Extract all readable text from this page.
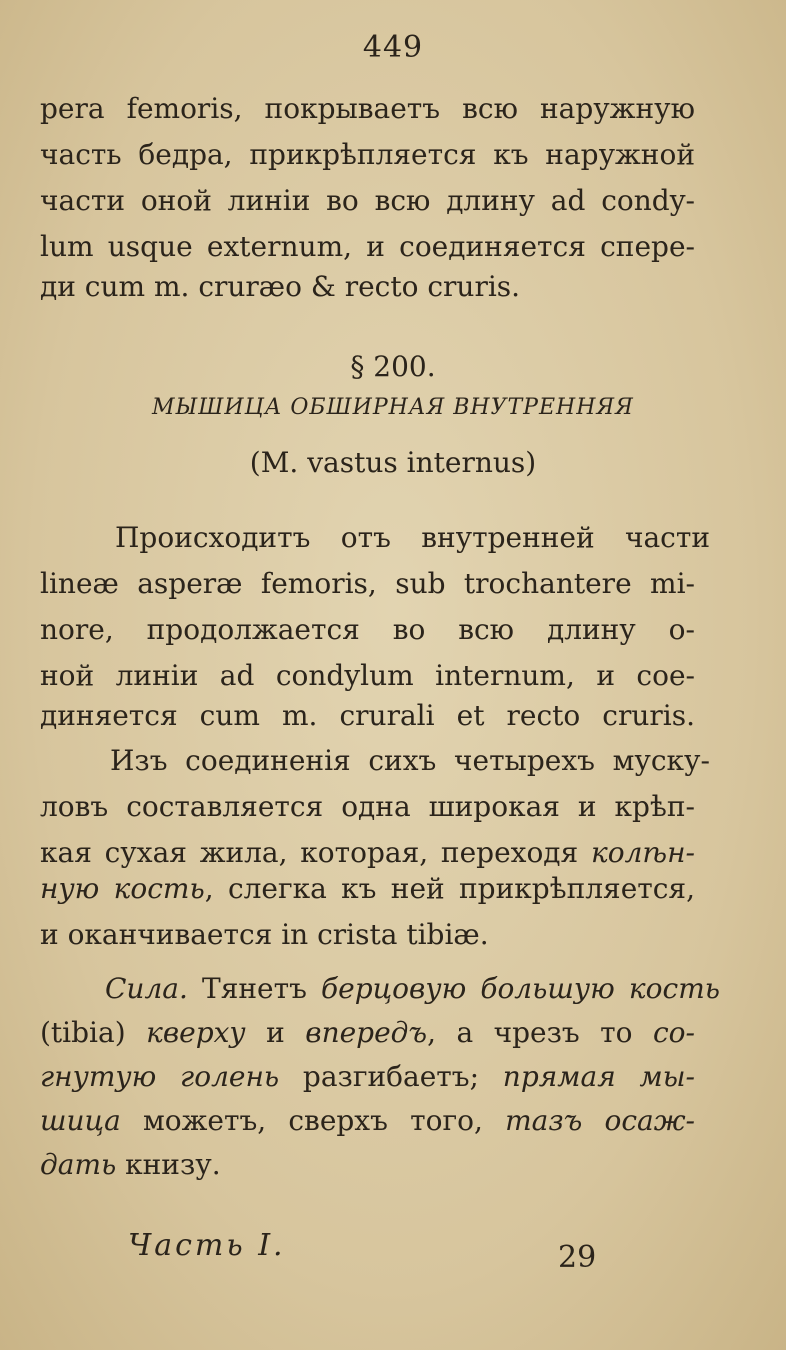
449
pera femoris, покрываетъ всю наружную
часть бедра, прикрѣпляется къ наружной
части оной линіи во всю длину ad condy-
lum usque externum, и соединяется спере-
ди cum m. cruræo & recto cruris.
§ 200.
МЫШИЦА ОБШИРНАЯ ВНУТРЕННЯЯ
(M. vastus internus)
Происходитъ отъ внутренней части
lineæ asperæ femoris, sub trochantere mi-
nore, продолжается во всю длину о-
ной линіи ad condylum internum, и соe-
диняется cum m. crurali et recto cruris.
Изъ соединенія сихъ четырехъ муску-
ловъ составляется одна широкая и крѣп-
кая сухая жила, которая, переходя колѣн-
ную кость, слегка къ ней прикрѣпляется,
и оканчивается in crista tibiæ.
Сила. Тянетъ берцовую большую кость
(tibia) кверху и впередъ, а чрезъ то со-
гнутую голень разгибаетъ; прямая мы-
шица можетъ, сверхъ того, тазъ осаж-
дать книзу.
Часть I.	29
